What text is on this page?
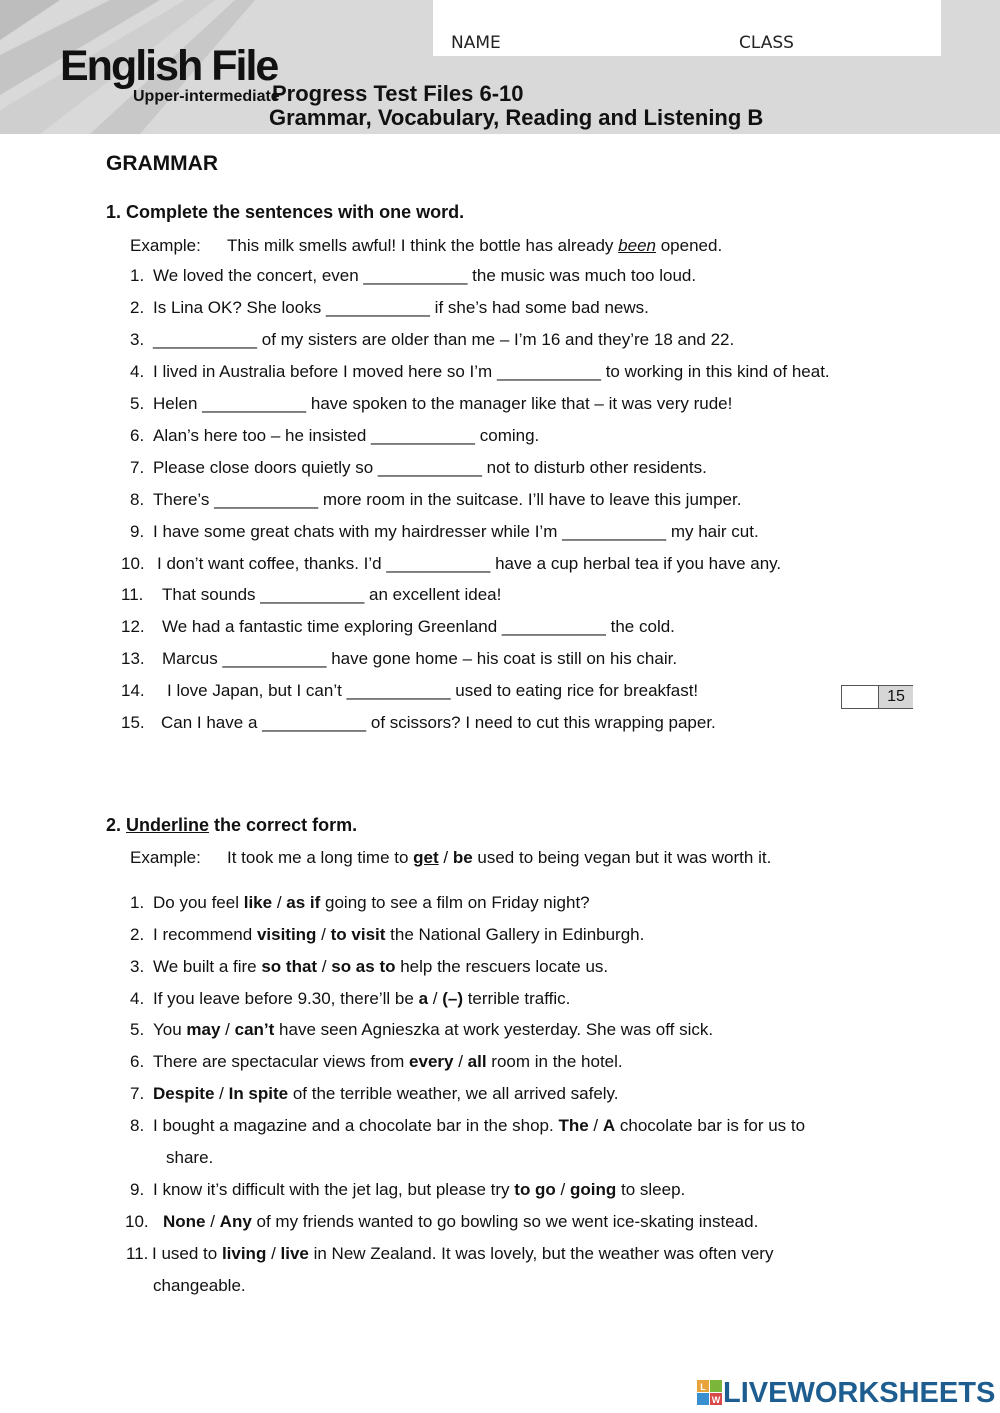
NAME	CLASS
English File
Upper-intermediate
Progress Test Files 6-10
Grammar, Vocabulary, Reading and Listening B
GRAMMAR
1. Complete the sentences with one word.
Example: This milk smells awful! I think the bottle has already been opened.
1. We loved the concert, even ___________ the music was much too loud.
2. Is Lina OK? She looks ___________ if she’s had some bad news.
3. ___________ of my sisters are older than me – I’m 16 and they’re 18 and 22.
4. I lived in Australia before I moved here so I’m ___________ to working in this kind of heat.
5. Helen ___________ have spoken to the manager like that – it was very rude!
6. Alan’s here too – he insisted ___________ coming.
7. Please close doors quietly so ___________ not to disturb other residents.
8. There’s ___________ more room in the suitcase. I’ll have to leave this jumper.
9. I have some great chats with my hairdresser while I’m ___________ my hair cut.
10. I don’t want coffee, thanks. I’d ___________ have a cup herbal tea if you have any.
11. That sounds ___________ an excellent idea!
12. We had a fantastic time exploring Greenland ___________ the cold.
13. Marcus ___________ have gone home – his coat is still on his chair.
14. I love Japan, but I can’t ___________ used to eating rice for breakfast!
15. Can I have a ___________ of scissors? I need to cut this wrapping paper.
15
2. Underline the correct form.
Example: It took me a long time to get / be used to being vegan but it was worth it.
1. Do you feel like / as if going to see a film on Friday night?
2. I recommend visiting / to visit the National Gallery in Edinburgh.
3. We built a fire so that / so as to help the rescuers locate us.
4. If you leave before 9.30, there’ll be a / (–) terrible traffic.
5. You may / can’t have seen Agnieszka at work yesterday. She was off sick.
6. There are spectacular views from every / all room in the hotel.
7. Despite / In spite of the terrible weather, we all arrived safely.
8. I bought a magazine and a chocolate bar in the shop. The / A chocolate bar is for us to
share.
9. I know it’s difficult with the jet lag, but please try to go / going to sleep.
10. None / Any of my friends wanted to go bowling so we went ice-skating instead.
11. I used to living / live in New Zealand. It was lovely, but the weather was often very
changeable.
L
W LIVEWORKSHEETS
